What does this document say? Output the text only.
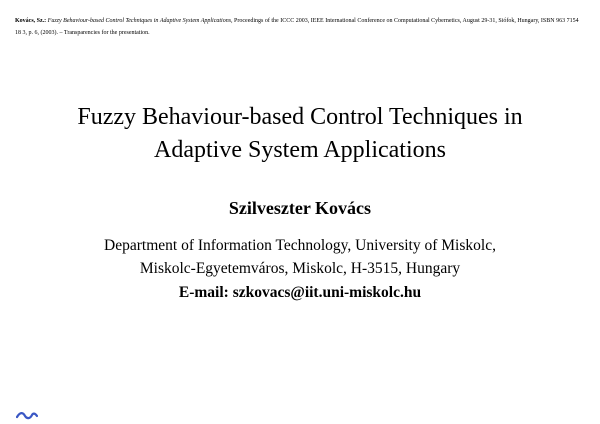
Kovács, Sz.: Fuzzy Behaviour-based Control Techniques in Adaptive System Applications, Proceedings of the ICCC 2003, IEEE International Conference on Computational Cybernetics, August 29-31, Siófok, Hungary, ISBN 963 7154 18 3, p. 6, (2003). – Transparencies for the presentation.

Fuzzy Behaviour-based Control Techniques in
Adaptive System Applications

Szilveszter Kovács

Department of Information Technology, University of Miskolc,
Miskolc-Egyetemváros, Miskolc, H-3515, Hungary
E-mail: szkovacs@iit.uni-miskolc.hu
